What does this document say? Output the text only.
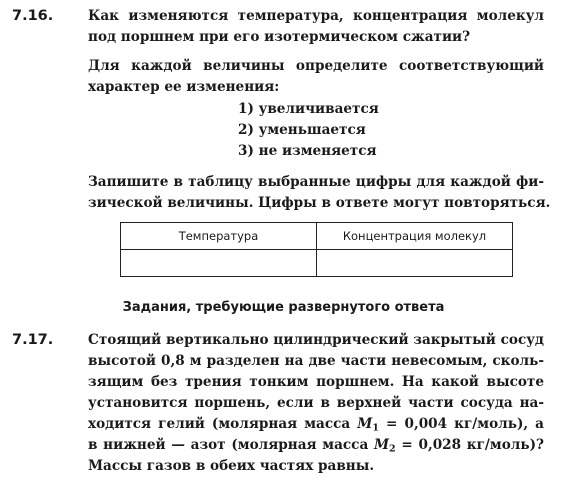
7.16.	Как изменяются температура, концентрация молекул
под поршнем при его изотермическом сжатии?
Для каждой величины определите соответствующий
характер ее изменения:
1) увеличивается
2) уменьшается
3) не изменяется
Запишите в таблицу выбранные цифры для каждой фи-
зической величины. Цифры в ответе могут повторяться.
Температура	Концентрация молекул

Задания, требующие развернутого ответа
7.17.	Стоящий вертикально цилиндрический закрытый сосуд
высотой 0,8 м разделен на две части невесомым, сколь-
зящим без трения тонким поршнем. На какой высоте
установится поршень, если в верхней части сосуда на-
ходится гелий (молярная масса $M_1 = 0,004$ кг/моль), а
в нижней — азот (молярная масса $M_2 = 0,028$ кг/моль)?
Массы газов в обеих частях равны.
